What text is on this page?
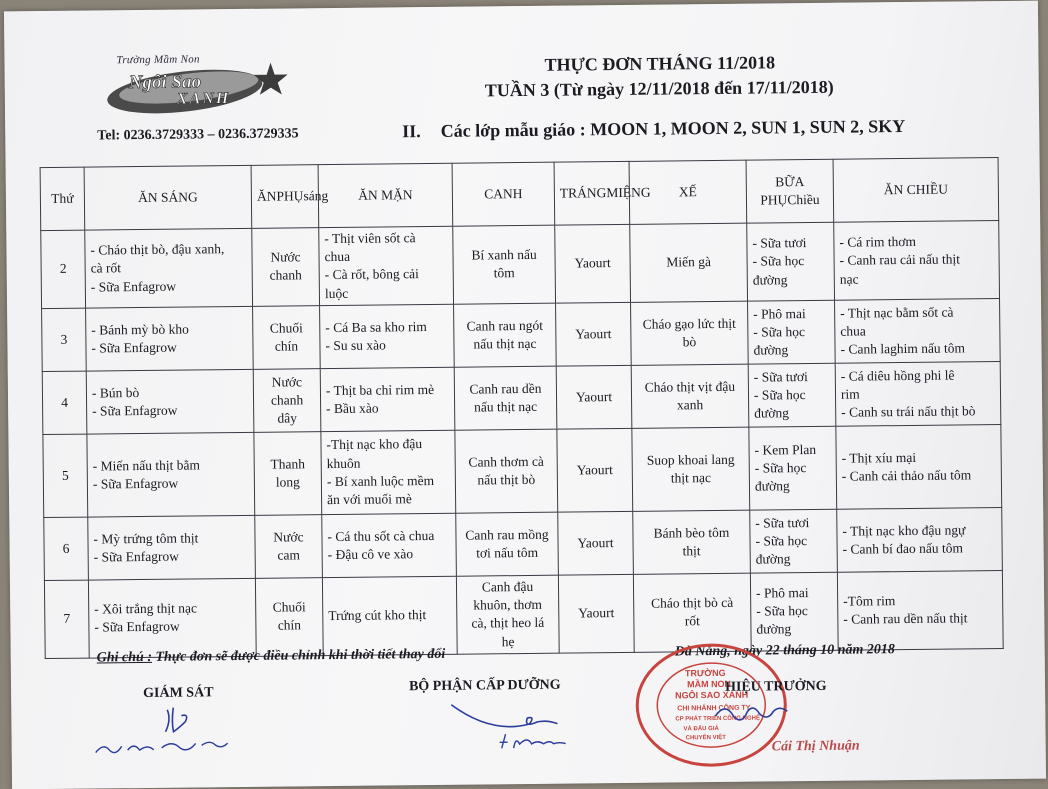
Trường Mầm Non
Ngôi Sao
XANH
THỰC ĐƠN THÁNG 11/2018
TUẦN 3 (Từ ngày 12/11/2018 đến 17/11/2018)
Tel: 0236.3729333 – 0236.3729335	II. Các lớp mẫu giáo : MOON 1, MOON 2, SUN 1, SUN 2, SKY
Thứ	ĂN SÁNG	ĂNPHỤsáng	ĂN MẶN	CANH	TRÁNGMIỆNG	XẾ	BỮA PHỤChiều	ĂN CHIỀU
2	- Cháo thịt bò, đậu xanh,
cà rốt
- Sữa Enfagrow	Nước
chanh	- Thịt viên sốt cà
chua
- Cà rốt, bông cải
luộc	Bí xanh nấu
tôm	Yaourt	Miến gà	- Sữa tươi
- Sữa học
đường	- Cá rim thơm
- Canh rau cải nấu thịt
nạc

3	- Bánh mỳ bò kho
- Sữa Enfagrow	Chuối
chín	- Cá Ba sa kho rim
- Su su xào	Canh rau ngót
nấu thịt nạc	Yaourt	Cháo gạo lức thịt
bò	- Phô mai
- Sữa học
đường	- Thịt nạc bằm sốt cà
chua
- Canh laghim nấu tôm

4	- Bún bò
- Sữa Enfagrow	Nước
chanh
dây	- Thịt ba chỉ rim mè
- Bầu xào	Canh rau dền
nấu thịt nạc	Yaourt	Cháo thịt vịt đậu
xanh	- Sữa tươi
- Sữa học
đường	- Cá diêu hồng phi lê
rim
- Canh su trái nấu thịt bò

5	- Miến nấu thịt bằm
- Sữa Enfagrow	Thanh
long	-Thịt nạc kho đậu
khuôn
- Bí xanh luộc mềm
ăn với muối mè	Canh thơm cà
nấu thịt bò	Yaourt	Suop khoai lang
thịt nạc	- Kem Plan
- Sữa học
đường	- Thịt xíu mại
- Canh cải thảo nấu tôm

6	- Mỳ trứng tôm thịt
- Sữa Enfagrow	Nước
cam	- Cá thu sốt cà chua
- Đậu cô ve xào	Canh rau mồng
tơi nấu tôm	Yaourt	Bánh bèo tôm
thịt	- Sữa tươi
- Sữa học
đường	- Thịt nạc kho đậu ngự
- Canh bí đao nấu tôm

7	- Xôi trắng thịt nạc
- Sữa Enfagrow	Chuối
chín	Trứng cút kho thịt	Canh đậu
khuôn, thơm
cà, thịt heo lá
hẹ	Yaourt	Cháo thịt bò cà
rốt	- Phô mai
- Sữa học
đường	-Tôm rim
- Canh rau dền nấu thịt
Ghi chú : Thực đơn sẽ được điều chỉnh khi thời tiết thay đổi	Đà Nẵng, ngày 22 tháng 10 năm 2018
GIÁM SÁT	BỘ PHẬN CẤP DƯỠNG
TRƯỜNG
MẦM NON
NGÔI SAO XANH
CHI NHÁNH CÔNG TY
CP PHÁT TRIỂN CÔNG NGHỆ
VÀ ĐẤU GIÁ
CHUYÊN VIỆT
HIỆU TRƯỞNG
Cái Thị Nhuận
